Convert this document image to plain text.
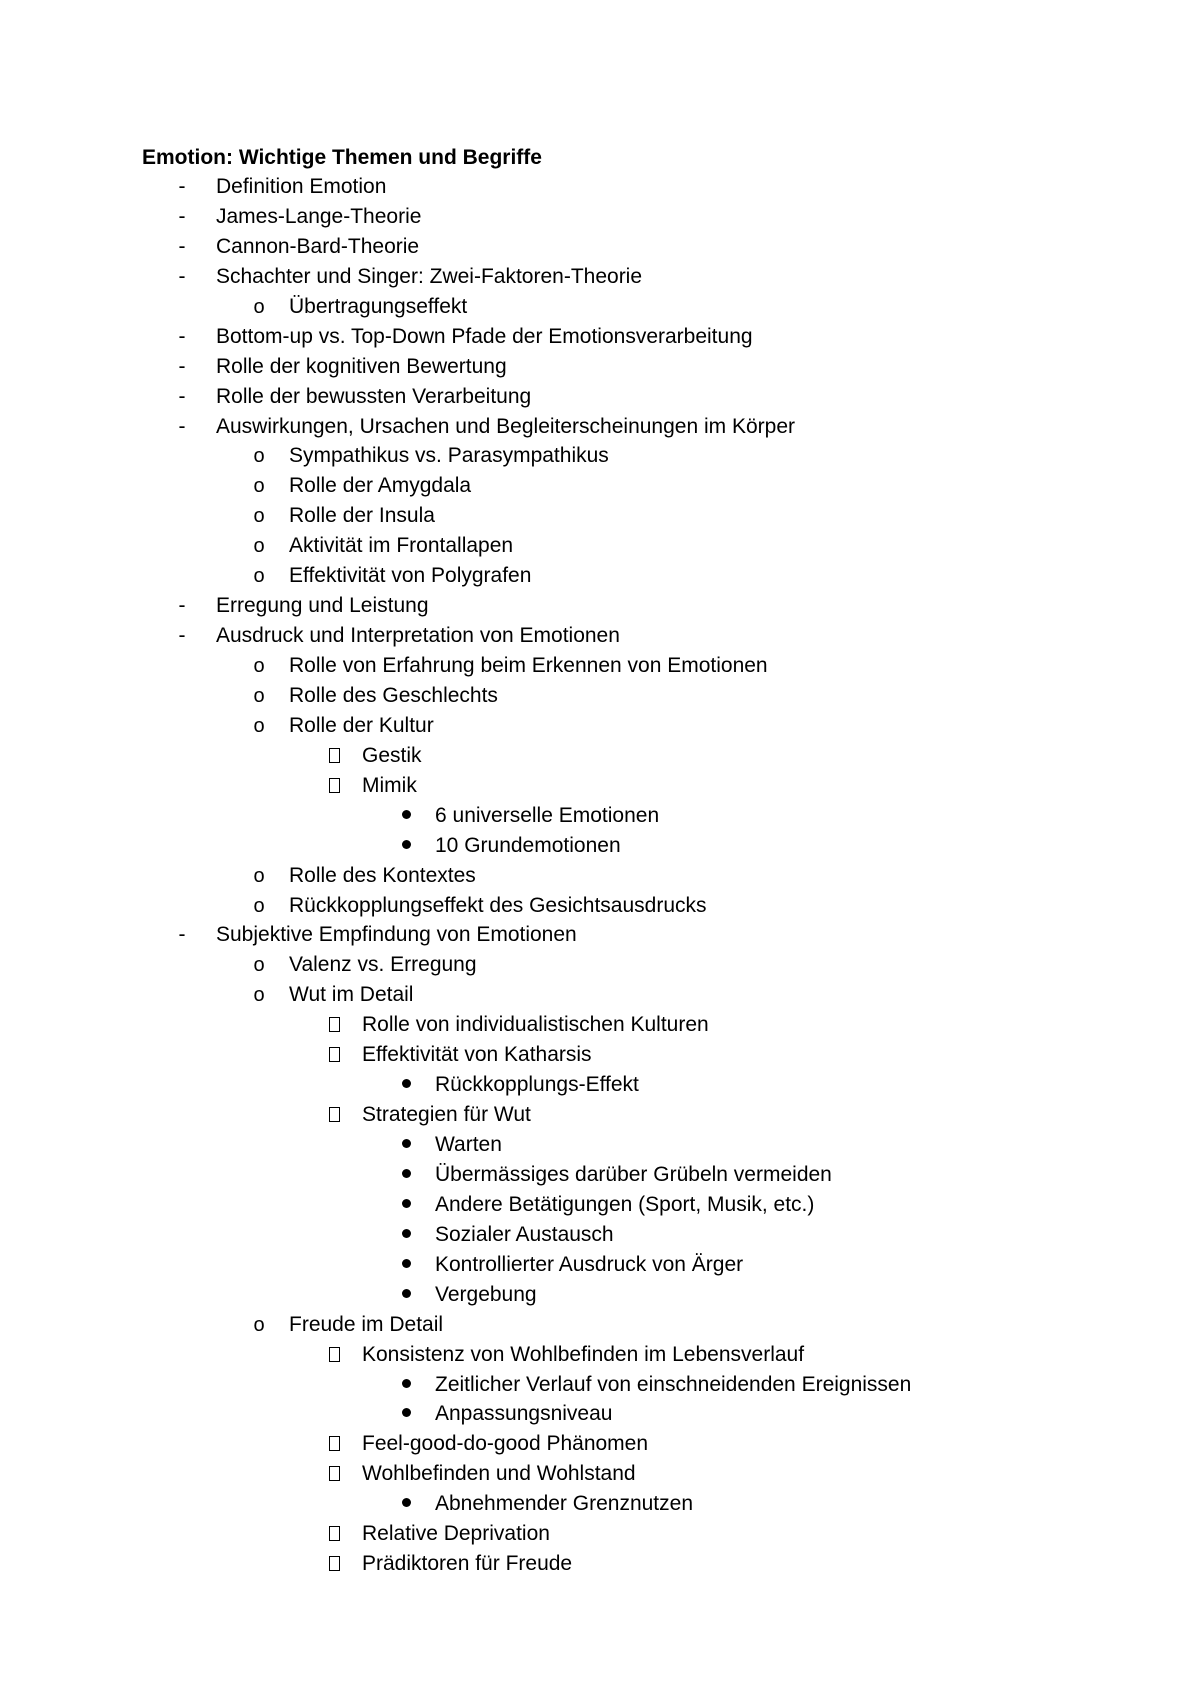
Emotion: Wichtige Themen und Begriffe
-	Definition Emotion
-	James-Lange-Theorie
-	Cannon-Bard-Theorie
-	Schachter und Singer: Zwei-Faktoren-Theorie
o Übertragungseffekt
-	Bottom-up vs. Top-Down Pfade der Emotionsverarbeitung
-	Rolle der kognitiven Bewertung
-	Rolle der bewussten Verarbeitung
-	Auswirkungen, Ursachen und Begleiterscheinungen im Körper
o Sympathikus vs. Parasympathikus
o Rolle der Amygdala
o Rolle der Insula
o Aktivität im Frontallapen
o Effektivität von Polygrafen
-	Erregung und Leistung
-	Ausdruck und Interpretation von Emotionen
o Rolle von Erfahrung beim Erkennen von Emotionen
o Rolle des Geschlechts
o Rolle der Kultur
Gestik
Mimik
6 universelle Emotionen
10 Grundemotionen
o Rolle des Kontextes
o Rückkopplungseffekt des Gesichtsausdrucks
-	Subjektive Empfindung von Emotionen
o Valenz vs. Erregung
o Wut im Detail
Rolle von individualistischen Kulturen
Effektivität von Katharsis
Rückkopplungs-Effekt
Strategien für Wut
Warten
Übermässiges darüber Grübeln vermeiden
Andere Betätigungen (Sport, Musik, etc.)
Sozialer Austausch
Kontrollierter Ausdruck von Ärger
Vergebung
o Freude im Detail
Konsistenz von Wohlbefinden im Lebensverlauf
Zeitlicher Verlauf von einschneidenden Ereignissen
Anpassungsniveau
Feel-good-do-good Phänomen
Wohlbefinden und Wohlstand
Abnehmender Grenznutzen
Relative Deprivation
Prädiktoren für Freude
